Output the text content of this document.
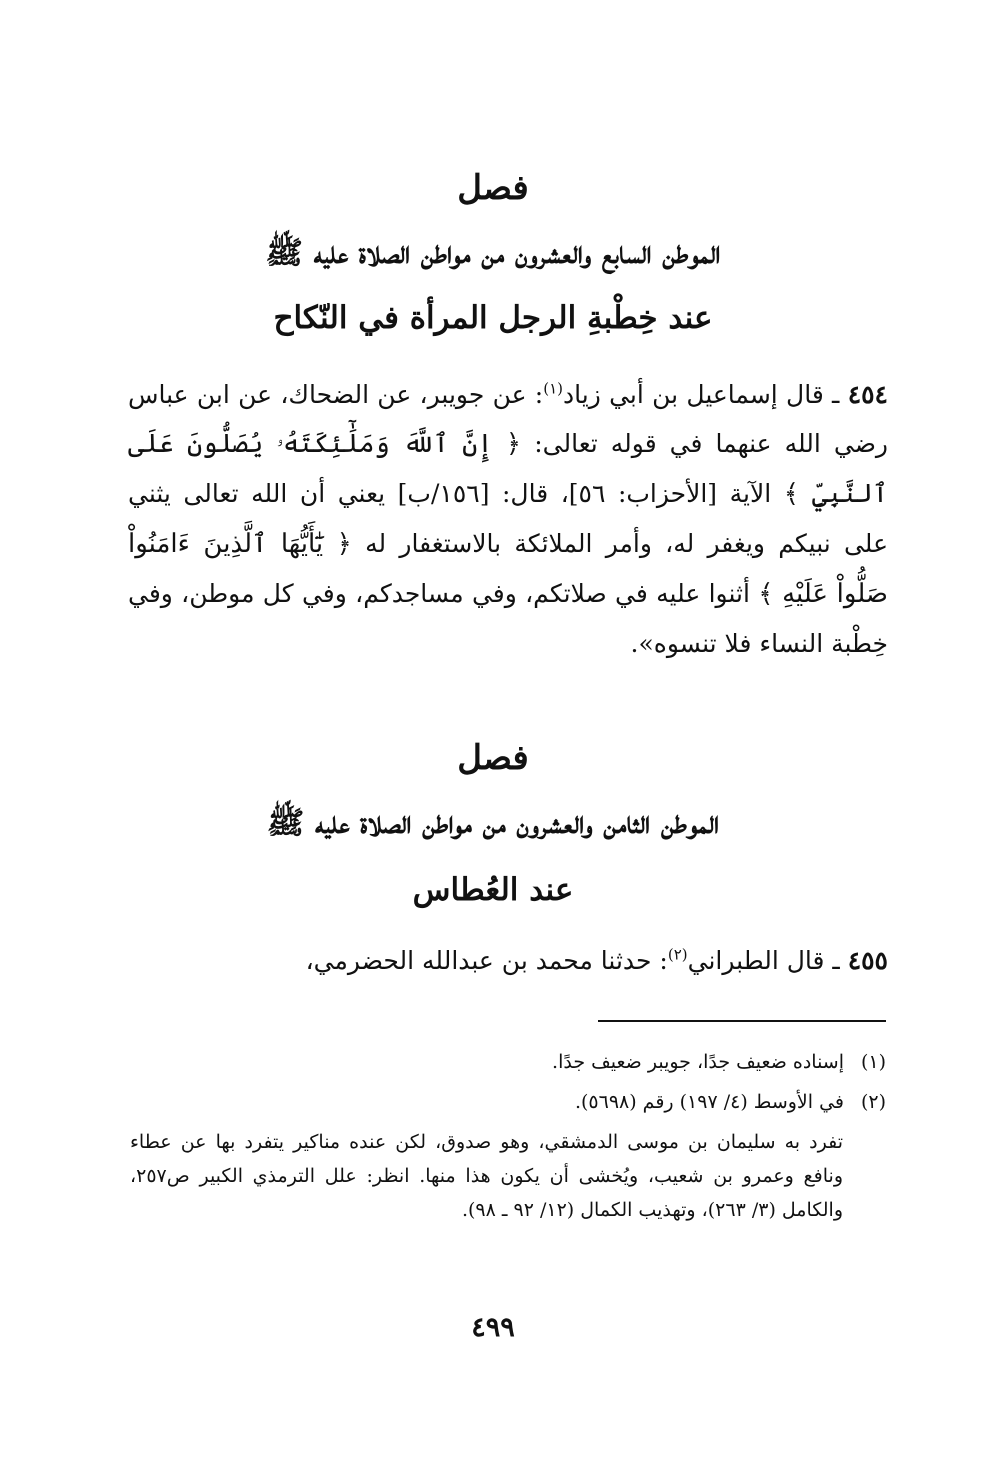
فصل
الموطن السابع والعشرون من مواطن الصلاة عليه ﷺ
عند خِطْبةِ الرجل المرأة في النّكاح
٤٥٤ ـ قال إسماعيل بن أبي زياد$^{(١)}$: عن جويبر، عن الضحاك، عن ابن عباس رضي الله عنهما في قوله تعالى: ﴿ إِنَّ ٱللَّهَ وَمَلَٰٓئِكَتَهُۥ يُصَلُّونَ عَلَى ٱلنَّبِيِّ ﴾ الآية [الأحزاب: ٥٦]، قال: [١٥٦/ب] يعني أن الله تعالى يثني على نبيكم ويغفر له، وأمر الملائكة بالاستغفار له ﴿ يَٰٓأَيُّهَا ٱلَّذِينَ ءَامَنُواْ صَلُّواْ عَلَيْهِ ﴾ أثنوا عليه في صلاتكم، وفي مساجدكم، وفي كل موطن، وفي خِطْبة النساء فلا تنسوه».
فصل
الموطن الثامن والعشرون من مواطن الصلاة عليه ﷺ
عند العُطاس
٤٥٥ ـ قال الطبراني$^{(٢)}$: حدثنا محمد بن عبدالله الحضرمي،
(١)إسناده ضعيف جدًا، جويبر ضعيف جدًا.
(٢)في الأوسط (٤/ ١٩٧) رقم (٥٦٩٨).
تفرد به سليمان بن موسى الدمشقي، وهو صدوق، لكن عنده مناكير يتفرد بها عن عطاء ونافع وعمرو بن شعيب، ويُخشى أن يكون هذا منها. انظر: علل الترمذي الكبير ص٢٥٧، والكامل (٣/ ٢٦٣)، وتهذيب الكمال (١٢/ ٩٢ ـ ٩٨).
٤٩٩
